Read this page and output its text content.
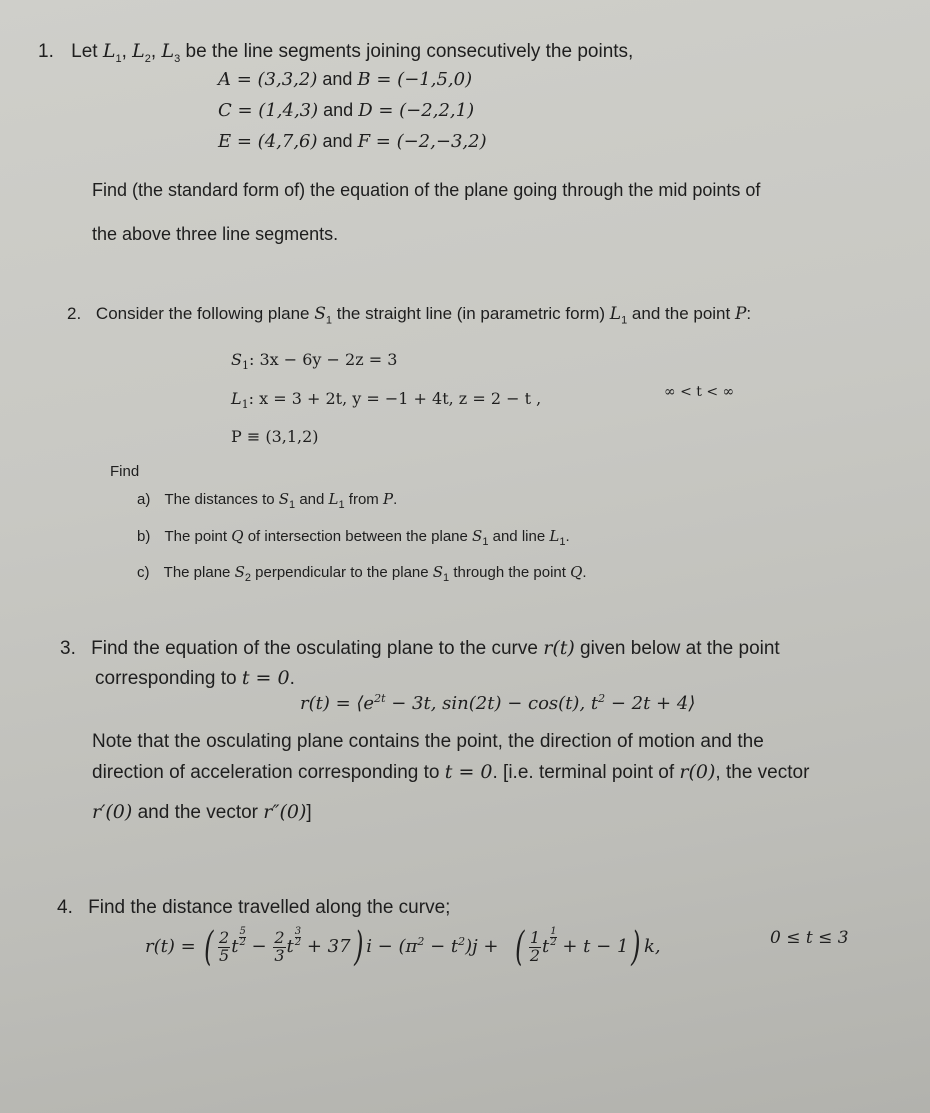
1. Let $L_1$, $L_2$, $L_3$ be the line segments joining consecutively the points,
A = (3,3,2) and B = (−1,5,0)
C = (1,4,3) and D = (−2,2,1)
E = (4,7,6) and F = (−2,−3,2)
Find (the standard form of) the equation of the plane going through the mid points of
the above three line segments.
2. Consider the following plane $S_1$ the straight line (in parametric form) $L_1$ and the point P:
$S_1$: 3x − 6y − 2z = 3
$L_1$: x = 3 + 2t, y = −1 + 4t, z = 2 − t ,	∞ < t < ∞
P ≡ (3,1,2)
Find
a) The distances to $S_1$ and $L_1$ from P.
b) The point Q of intersection between the plane $S_1$ and line $L_1$.
c) The plane $S_2$ perpendicular to the plane $S_1$ through the point Q.
3. Find the equation of the osculating plane to the curve r(t) given below at the point
corresponding to t = 0.
$r(t) = ⟨e^{2t} - 3t$, sin(2t) − cos(t), $t^2 - 2t$ + 4⟩
Note that the osculating plane contains the point, the direction of motion and the
direction of acceleration corresponding to t = 0. [i.e. terminal point of r(0), the vector
r′(0) and the vector r″(0)]
4. Find the distance travelled along the curve;
r(t) = ( $\frac{2}{5}$ t $\frac{5}{2} - \frac{2}{3}$ t $\frac{3}{2} + 37$) $i - (\pi^2 - t^2)j$ + ( $\frac{1}{2}$ t $\frac{1}{2} + t - 1$) k,	0 ≤ t ≤ 3
